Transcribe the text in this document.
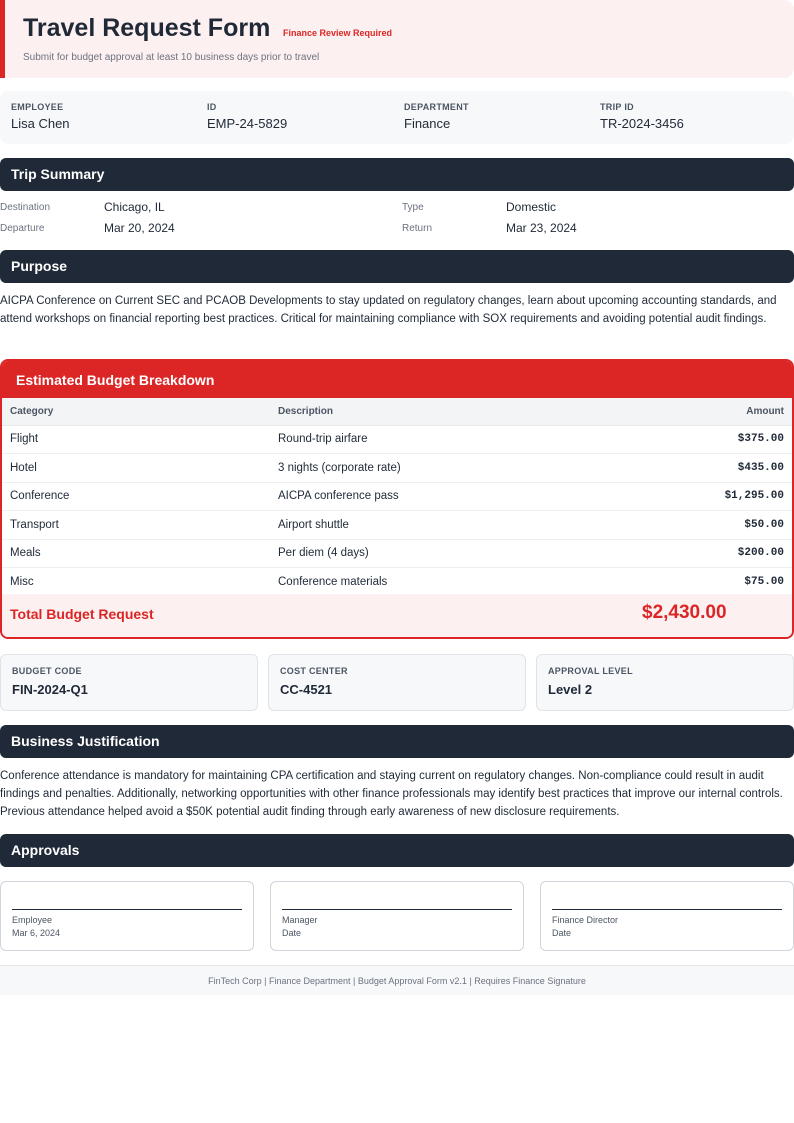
Travel Request Form Finance Review Required
Submit for budget approval at least 10 business days prior to travel
EMPLOYEE
Lisa Chen
ID
EMP-24-5829
DEPARTMENT
Finance
TRIP ID
TR-2024-3456
Trip Summary
Destination	Chicago, IL	Type	Domestic
Departure	Mar 20, 2024	Return	Mar 23, 2024
Purpose
AICPA Conference on Current SEC and PCAOB Developments to stay updated on regulatory changes, learn about upcoming accounting standards, and attend workshops on financial reporting best practices. Critical for maintaining compliance with SOX requirements and avoiding potential audit findings.
Estimated Budget Breakdown
Category	Description	Amount
Flight	Round-trip airfare	$375.00
Hotel	3 nights (corporate rate)	$435.00
Conference	AICPA conference pass	$1,295.00
Transport	Airport shuttle	$50.00
Meals	Per diem (4 days)	$200.00
Misc	Conference materials	$75.00
Total Budget Request	$2,430.00
BUDGET CODE
FIN-2024-Q1
COST CENTER
CC-4521
APPROVAL LEVEL
Level 2
Business Justification
Conference attendance is mandatory for maintaining CPA certification and staying current on regulatory changes. Non-compliance could result in audit findings and penalties. Additionally, networking opportunities with other finance professionals may identify best practices that improve our internal controls. Previous attendance helped avoid a $50K potential audit finding through early awareness of new disclosure requirements.
Approvals
Employee
Mar 6, 2024
Manager
Date
Finance Director
Date
FinTech Corp | Finance Department | Budget Approval Form v2.1 | Requires Finance Signature
